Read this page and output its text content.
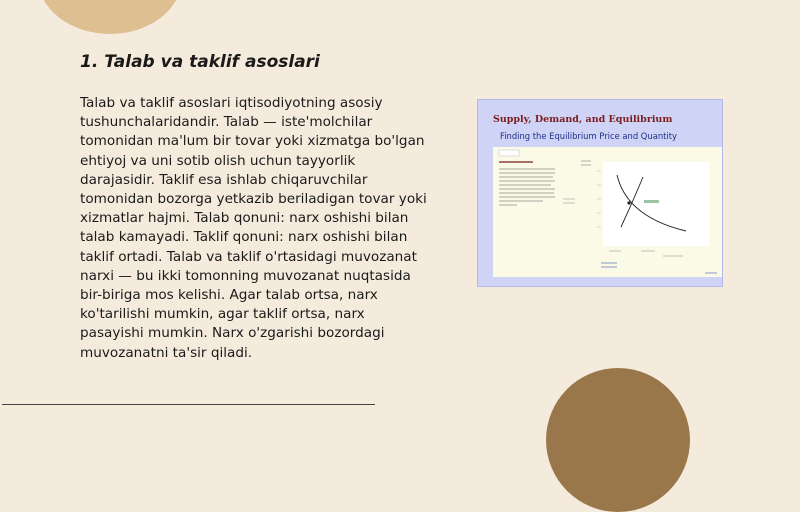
1. Talab va taklif asoslari

Talab va taklif asoslari iqtisodiyotning asosiy tushunchalaridandir. Talab — iste'molchilar tomonidan ma'lum bir tovar yoki xizmatga bo'lgan ehtiyoj va uni sotib olish uchun tayyorlik darajasidir. Taklif esa ishlab chiqaruvchilar tomonidan bozorga yetkazib beriladigan tovar yoki xizmatlar hajmi. Talab qonuni: narx oshishi bilan talab kamayadi. Taklif qonuni: narx oshishi bilan taklif ortadi. Talab va taklif o'rtasidagi muvozanat narxi — bu ikki tomonning muvozanat nuqtasida bir-biriga mos kelishi. Agar talab ortsa, narx ko'tarilishi mumkin, agar taklif ortsa, narx pasayishi mumkin. Narx o'zgarishi bozordagi muvozanatni ta'sir qiladi.

Supply, Demand, and Equilibrium
Finding the Equilibrium Price and Quantity
